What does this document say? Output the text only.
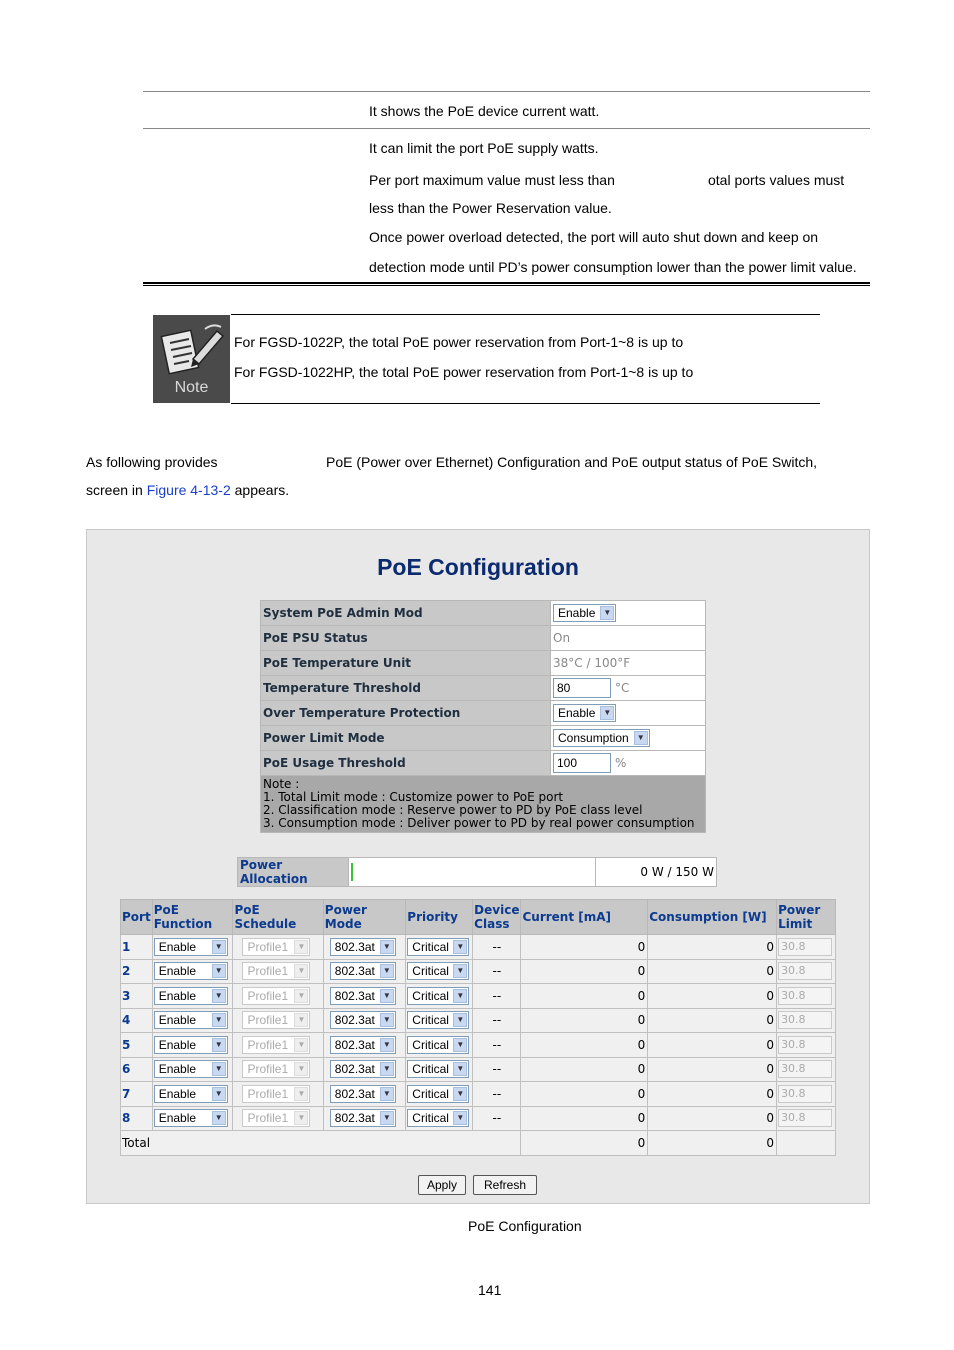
It shows the PoE device current watt.
It can limit the port PoE supply watts.
Per port maximum value must less than	otal ports values must
less than the Power Reservation value.
Once power overload detected, the port will auto shut down and keep on
detection mode until PD’s power consumption lower than the power limit value.
Note
For FGSD-1022P, the total PoE power reservation from Port-1~8 is up to
For FGSD-1022HP, the total PoE power reservation from Port-1~8 is up to
As following provides	PoE (Power over Ethernet) Configuration and PoE output status of PoE Switch,
screen in Figure 4-13-2 appears.
PoE Configuration
System PoE Admin Mod	Enable ▼

PoE PSU Status	On
PoE Temperature Unit	38°C / 100°F
Temperature Threshold	80 °C
Over Temperature Protection	Enable ▼

Power Limit Mode	Consumption ▼

PoE Usage Threshold	100 %

Note :
1. Total Limit mode : Customize power to PoE port
2. Classification mode : Reserve power to PD by PoE class level
3. Consumption mode : Deliver power to PD by real power consumption	
Power Allocation		0 W / 150 W
Port	PoE Function	PoE Schedule	Power Mode	Priority	Device Class	Current [mA]	Consumption [W]	Power Limit
1	Enable ▼	Profile1 ▼	802.3at ▼	Critical ▼	--	0	0	30.8
2	Enable ▼	Profile1 ▼	802.3at ▼	Critical ▼	--	0	0	30.8
3	Enable ▼	Profile1 ▼	802.3at ▼	Critical ▼	--	0	0	30.8
4	Enable ▼	Profile1 ▼	802.3at ▼	Critical ▼	--	0	0	30.8
5	Enable ▼	Profile1 ▼	802.3at ▼	Critical ▼	--	0	0	30.8
6	Enable ▼	Profile1 ▼	802.3at ▼	Critical ▼	--	0	0	30.8
7	Enable ▼	Profile1 ▼	802.3at ▼	Critical ▼	--	0	0	30.8
8	Enable ▼	Profile1 ▼	802.3at ▼	Critical ▼	--	0	0	30.8
Total						0	0	
Apply	Refresh
PoE Configuration
141
